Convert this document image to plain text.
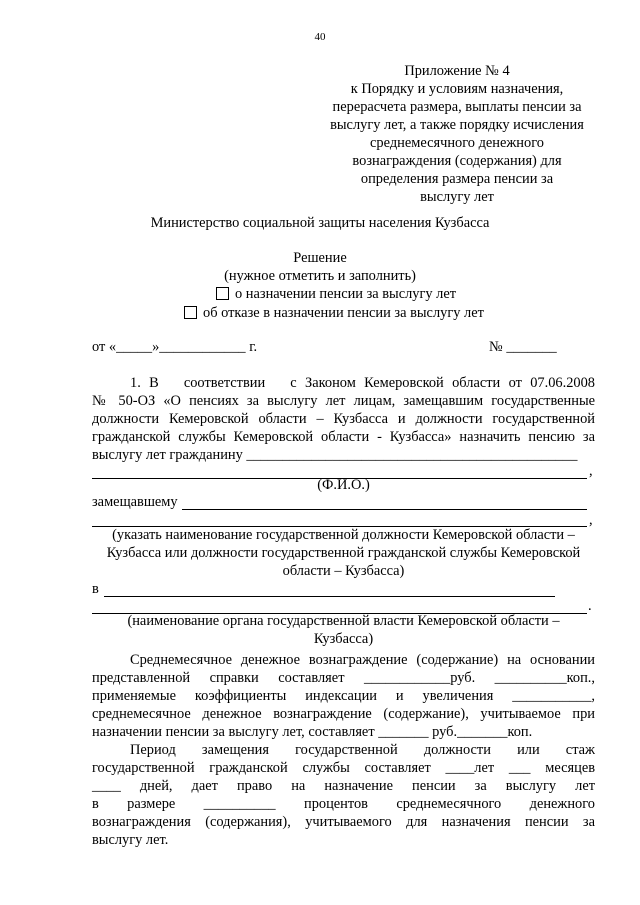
40
Приложение № 4
к Порядку и условиям назначения,
перерасчета размера, выплаты пенсии за
выслугу лет, а также порядку исчисления
среднемесячного денежного
вознаграждения (содержания) для
определения размера пенсии за
выслугу лет
Министерство социальной защиты населения Кузбасса
Решение
(нужное отметить и заполнить)
о назначении пенсии за выслугу лет
об отказе в назначении пенсии за выслугу лет
от «_____»____________ г.	№ _______
1. В   соответствии   с Законом Кемеровской области от 07.06.2008
№ 50-ОЗ «О пенсиях за выслугу лет лицам, замещавшим государственные
должности Кемеровской области – Кузбасса и должности государственной
гражданской службы Кемеровской области - Кузбасса» назначить пенсию за
выслугу лет гражданину ______________________________________________
,
(Ф.И.О.)
замещавшему
,
(указать наименование государственной должности Кемеровской области –
Кузбасса или должности государственной гражданской службы Кемеровской
области – Кузбасса)
в
.
(наименование органа государственной власти Кемеровской области –
Кузбасса)
Среднемесячное денежное вознаграждение (содержание) на основании
представленной справки составляет ____________руб. __________коп.,
применяемые  коэффициенты  индексации  и  увеличения  ___________,
среднемесячное денежное вознаграждение (содержание), учитываемое при
назначении пенсии за выслугу лет, составляет _______ руб._______коп.
Период   замещения   государственной   должности   или   стаж
государственной гражданской службы составляет ____лет ___ месяцев
____  дней,  дает  право  на  назначение  пенсии  за  выслугу  лет
в  размере  __________  процентов  среднемесячного  денежного
вознаграждения (содержания), учитываемого для назначения пенсии за
выслугу лет.
